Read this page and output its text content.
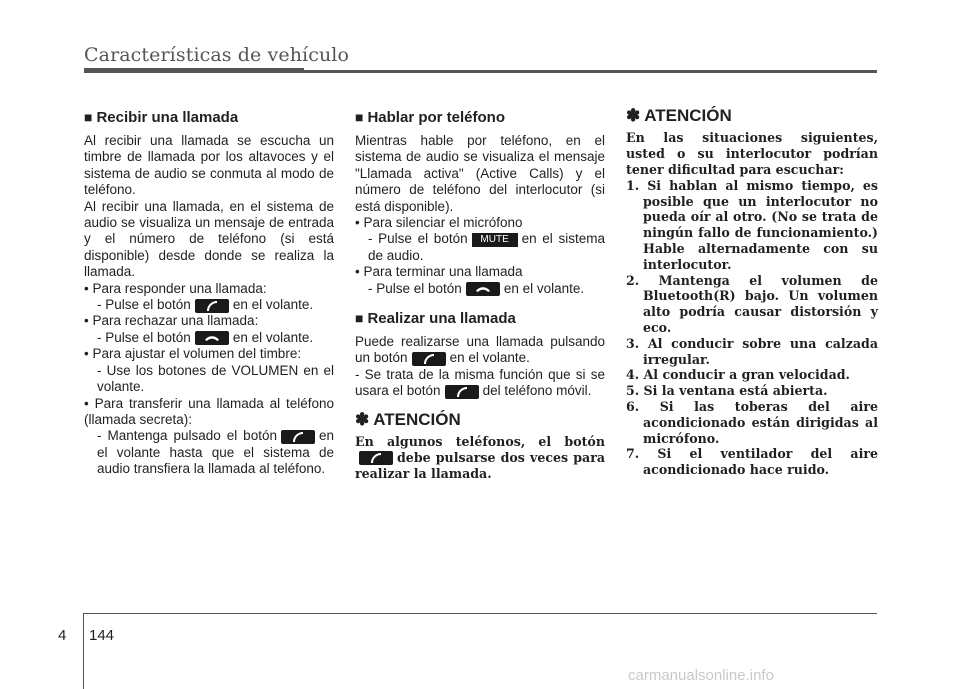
Características de vehículo
■ Recibir una llamada

Al recibir una llamada se escucha un timbre de llamada por los altavoces y el sistema de audio se conmuta al modo de teléfono.

Al recibir una llamada, en el sistema de audio se visualiza un mensaje de entrada y el número de teléfono (si está disponible) desde donde se realiza la llamada.

• Para responder una llamada:

- Pulse el botón	en el volante.

• Para rechazar una llamada:

- Pulse el botón	en el volante.

• Para ajustar el volumen del timbre:

- Use los botones de VOLUMEN en el volante.

• Para transferir una llamada al teléfono (llamada secreta):

- Mantenga pulsado el botón	en el volante hasta que el sistema de audio transfiera la llamada al teléfono.

■ Hablar por teléfono

Mientras hable por teléfono, en el sistema de audio se visualiza el mensaje "Llamada activa" (Active Calls) y el número de teléfono del interlocutor (si está disponible).

• Para silenciar el micrófono

- Pulse el botón MUTE en el sistema de audio.

• Para terminar una llamada

- Pulse el botón	en el volante.

■ Realizar una llamada

Puede realizarse una llamada pulsando un botón	en el volante.

- Se trata de la misma función que si se usara el botón	del teléfono móvil.

✽ ATENCIÓN

En algunos teléfonos, el botón
debe pulsarse dos veces para realizar la llamada.

✽ ATENCIÓN

En las situaciones siguientes, usted o su interlocutor podrían tener dificultad para escuchar:

1. Si hablan al mismo tiempo, es posible que un interlocutor no pueda oír al otro. (No se trata de ningún fallo de funcionamiento.) Hable alternadamente con su interlocutor.

2. Mantenga el volumen de Bluetooth(R) bajo. Un volumen alto podría causar distorsión y eco.

3. Al conducir sobre una calzada irregular.

4. Al conducir a gran velocidad.

5. Si la ventana está abierta.

6. Si las toberas del aire acondicionado están dirigidas al micrófono.

7. Si el ventilador del aire acondicionado hace ruido.

4 144
carmanualsonline.info
